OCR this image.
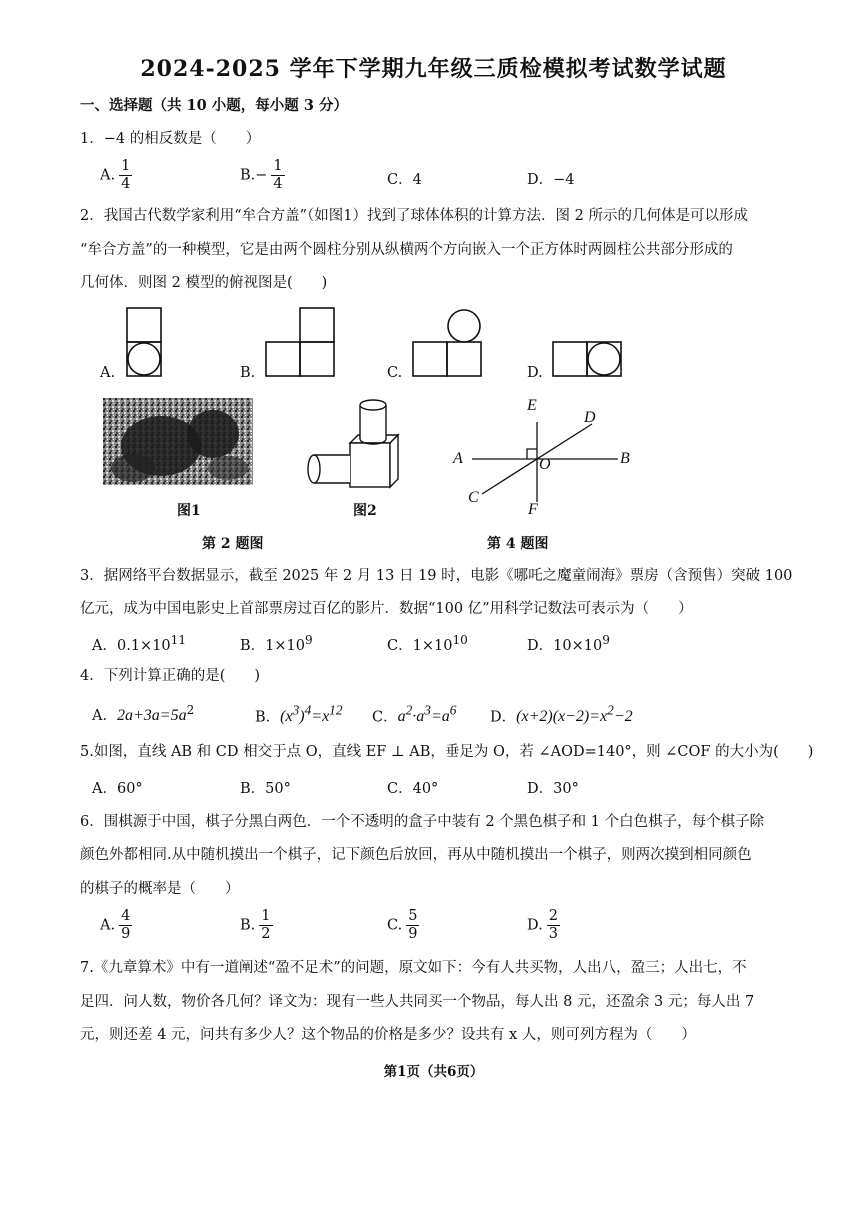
2024-2025 学年下学期九年级三质检模拟考试数学试题
一、选择题（共 10 小题，每小题 3 分）
1．−4 的相反数是（　　）
A. $\frac{1}{4}$	$B.- \frac{1}{4}$	C．4	D．−4
2．我国古代数学家利用“牟合方盖”（如图1）找到了球体体积的计算方法．图 2 所示的几何体是可以形成
“牟合方盖”的一种模型，它是由两个圆柱分别从纵横两个方向嵌入一个正方体时两圆柱公共部分形成的
几何体．则图 2 模型的俯视图是(　　)
A.	B.	C.	D.
E
D
A	O	B
C
F
图1	图2
第 2 题图	第 4 题图
3．据网络平台数据显示，截至 2025 年 2 月 13 日 19 时，电影《哪吒之魔童闹海》票房（含预售）突破 100
亿元，成为中国电影史上首部票房过百亿的影片．数据“100 亿”用科学记数法可表示为（　　）
A．$0.1\times 10^{11}$	B．$1\times 10^9$	C．$1\times 10^{10}$	D．$10\times 10^9$
4．下列计算正确的是(　　)
A．$2a+3a=5a^2$	B．$(x^3)^4=x^{12}$ C．$a^2\cdot a^3=a^6$ D．$(x+2)(x-2)=x^2-2$
5.如图，直线 AB 和 CD 相交于点 O，直线 EF ⊥ AB，垂足为 O，若 ∠AOD=140°，则 ∠COF 的大小为(　　)
A．60°	B．50°	C．40°	D．30°
6．围棋源于中国，棋子分黑白两色．一个不透明的盒子中装有 2 个黑色棋子和 1 个白色棋子，每个棋子除
颜色外都相同.从中随机摸出一个棋子，记下颜色后放回，再从中随机摸出一个棋子，则两次摸到相同颜色
的棋子的概率是（　　）
A. $\frac{4}{9}$	B. $\frac{1}{2}$	C. $\frac{5}{9}$	D. $\frac{2}{3}$
7.《九章算术》中有一道阐述“盈不足术”的问题，原文如下：今有人共买物，人出八，盈三；人出七，不
足四．问人数，物价各几何？译文为：现有一些人共同买一个物品，每人出 8 元，还盈余 3 元；每人出 7
元，则还差 4 元，问共有多少人？这个物品的价格是多少？设共有 x 人，则可列方程为（　　）
第1页（共6页）
